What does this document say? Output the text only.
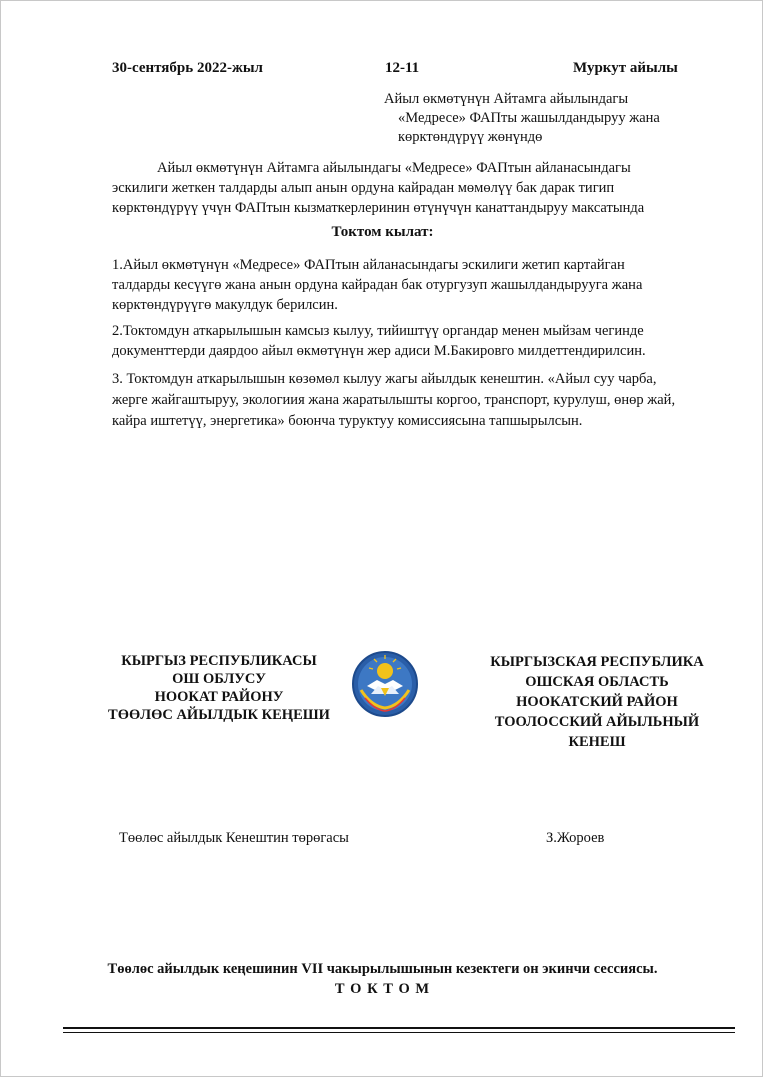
30-сентябрь 2022-жыл	12-11	Муркут айылы
Айыл өкмөтүнүн Айтамга айылындагы
«Медресе» ФАПты жашылдандыруу жана
көрктөндүрүү жөнүндө
Айыл өкмөтүнүн Айтамга айылындагы «Медресе» ФАПтын айланасындагы
эскилиги жеткен талдарды алып анын ордуна кайрадан мөмөлүү бак дарак тигип
көрктөндүрүү үчүн ФАПтын кызматкерлеринин өтүнүчүн канаттандыруу максатында
Токтом кылат:
1.Айыл өкмөтүнүн «Медресе» ФАПтын айланасындагы эскилиги жетип картайган
талдарды кесүүгө жана анын ордуна кайрадан бак отургузуп жашылдандырууга жана
көрктөндүрүүгө макулдук берилсин.
2.Токтомдун аткарылышын камсыз кылуу, тийиштүү органдар менен мыйзам чегинде
документтерди даярдоо айыл өкмөтүнүн жер адиси М.Бакировго милдеттендирилсин.
3. Токтомдун аткарылышын көзөмөл кылуу жагы айылдык кенештин. «Айыл суу чарба,
жерге жайгаштыруу, экологиия жана жаратылышты коргоо, транспорт, курулуш, өнөр жай,
кайра иштетүү, энергетика» боюнча туруктуу комиссиясына тапшырылсын.
КЫРГЫЗ РЕСПУБЛИКАСЫ
ОШ ОБЛУСУ
НООКАТ РАЙОНУ
ТӨӨЛӨС АЙЫЛДЫК КЕҢЕШИ
КЫРГЫЗСКАЯ РЕСПУБЛИКА
ОШСКАЯ ОБЛАСТЬ
НООКАТСКИЙ РАЙОН
ТООЛОССКИЙ АЙЫЛЬНЫЙ
КЕНЕШ
Төөлөс айылдык Кенештин төрөгасы	З.Жороев
Төөлөс айылдык кеңешинин VII чакырылышынын кезектеги он экинчи сессиясы.
Т О К Т О М
